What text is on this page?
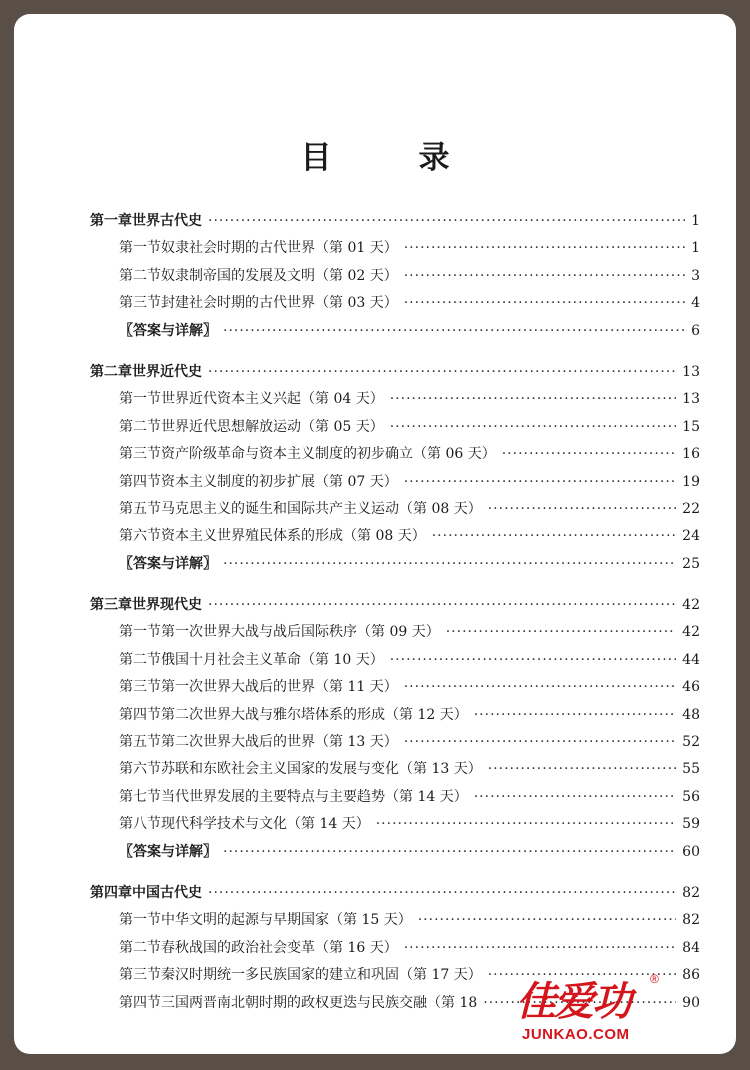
目　录
第一章 世界古代史 ·····	1
第一节 奴隶社会时期的古代世界（第 01 天） ·····	1
第二节 奴隶制帝国的发展及文明（第 02 天） ·····	3
第三节 封建社会时期的古代世界（第 03 天） ·····	4
〖答案与详解〗 ·····	6
第二章 世界近代史 ·····	13
第一节 世界近代资本主义兴起（第 04 天） ·····	13
第二节 世界近代思想解放运动（第 05 天） ·····	15
第三节 资产阶级革命与资本主义制度的初步确立（第 06 天） ·····	16
第四节 资本主义制度的初步扩展（第 07 天） ·····	19
第五节 马克思主义的诞生和国际共产主义运动（第 08 天） ·····	22
第六节 资本主义世界殖民体系的形成（第 08 天） ·····	24
〖答案与详解〗 ·····	25
第三章 世界现代史 ·····	42
第一节 第一次世界大战与战后国际秩序（第 09 天） ·····	42
第二节 俄国十月社会主义革命（第 10 天） ·····	44
第三节 第一次世界大战后的世界（第 11 天） ·····	46
第四节 第二次世界大战与雅尔塔体系的形成（第 12 天） ·····	48
第五节 第二次世界大战后的世界（第 13 天） ·····	52
第六节 苏联和东欧社会主义国家的发展与变化（第 13 天） ·····	55
第七节 当代世界发展的主要特点与主要趋势（第 14 天） ·····	56
第八节 现代科学技术与文化（第 14 天） ·····	59
〖答案与详解〗 ·····	60
第四章 中国古代史 ·····	82
第一节 中华文明的起源与早期国家（第 15 天） ·····	82
第二节 春秋战国的政治社会变革（第 16 天） ·····	84
第三节 秦汉时期统一多民族国家的建立和巩固（第 17 天） ·····	86
第四节 三国两晋南北朝时期的政权更迭与民族交融（第 18 ·····	90
佳爱功
®
JUNKAO.COM
